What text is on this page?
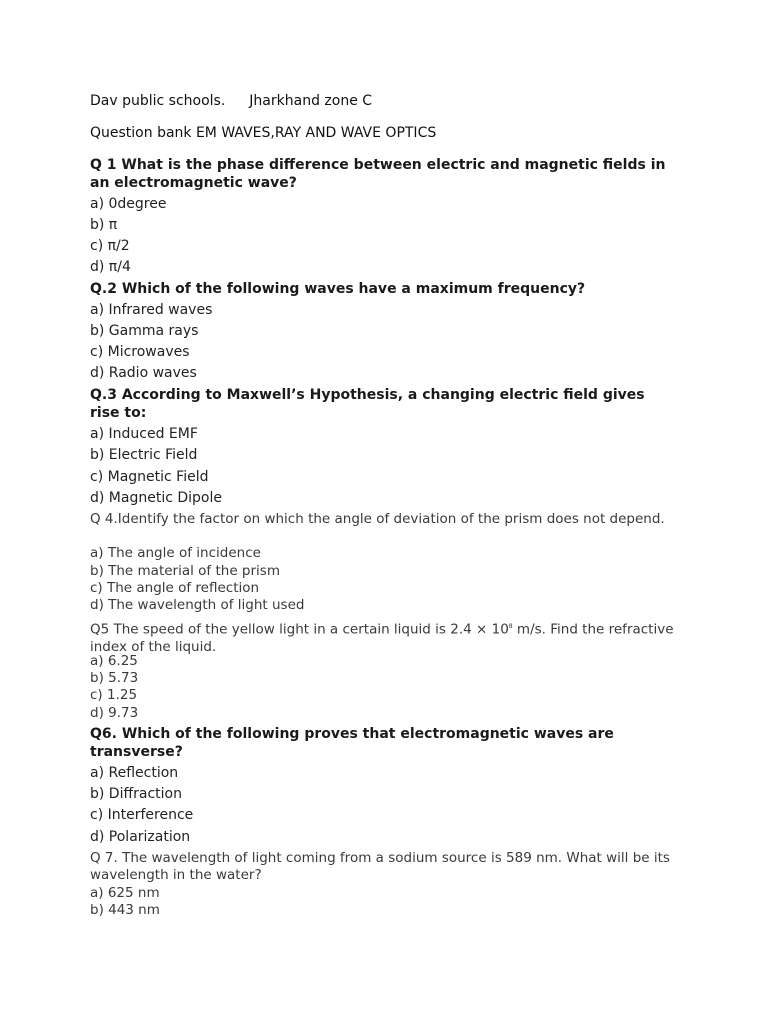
Dav public schools. Jharkhand zone C
Question bank EM WAVES,RAY AND WAVE OPTICS
Q 1 What is the phase difference between electric and magnetic fields in an electromagnetic wave?
a) 0degree
b) π
c) π/2
d) π/4
Q.2 Which of the following waves have a maximum frequency?
a) Infrared waves
b) Gamma rays
c) Microwaves
d) Radio waves
Q.3 According to Maxwell’s Hypothesis, a changing electric field gives rise to:
a) Induced EMF
b) Electric Field
c) Magnetic Field
d) Magnetic Dipole
Q 4.Identify the factor on which the angle of deviation of the prism does not depend.
a) The angle of incidence
b) The material of the prism
c) The angle of reflection
d) The wavelength of light used
Q5 The speed of the yellow light in a certain liquid is $2.4 \times 10^8$ m/s. Find the refractive index of the liquid.
a) 6.25
b) 5.73
c) 1.25
d) 9.73
Q6. Which of the following proves that electromagnetic waves are transverse?
a) Reflection
b) Diffraction
c) Interference
d) Polarization
Q 7. The wavelength of light coming from a sodium source is 589 nm. What will be its wavelength in the water?
a) 625 nm
b) 443 nm
